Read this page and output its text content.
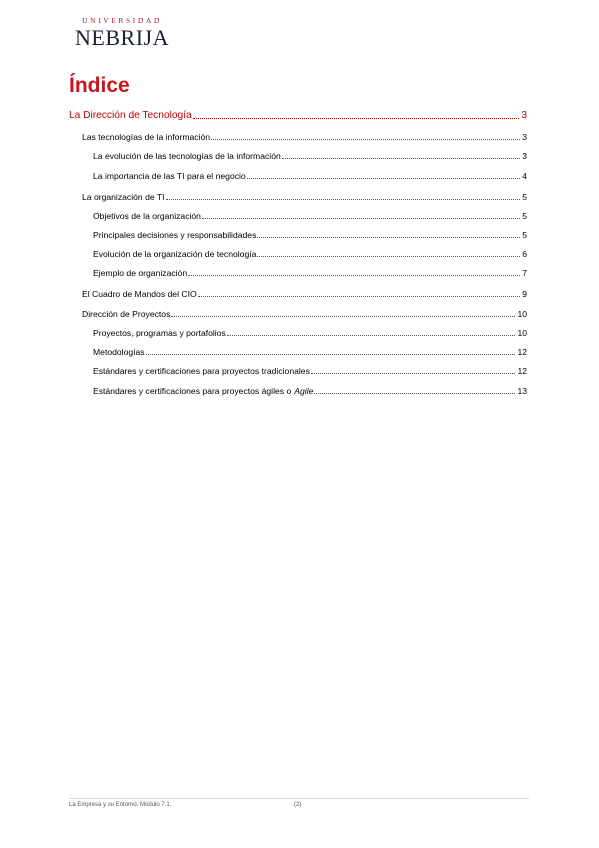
UNIVERSIDAD
NEBRIJA
Índice
La Dirección de Tecnología	3
Las tecnologías de la información	3
La evolución de las tecnologías de la información	3
La importancia de las TI para el negocio	4
La organización de TI	5
Objetivos de la organización	5
Principales decisiones y responsabilidades	5
Evolución de la organización de tecnología	6
Ejemplo de organización	7
El Cuadro de Mandos del CIO	9
Dirección de Proyectos	10
Proyectos, programas y portafolios	10
Metodologías	12
Estándares y certificaciones para proyectos tradicionales	12
Estándares y certificaciones para proyectos ágiles o Agile	13
La Empresa y su Entorno. Módulo 7.1.	(2)
